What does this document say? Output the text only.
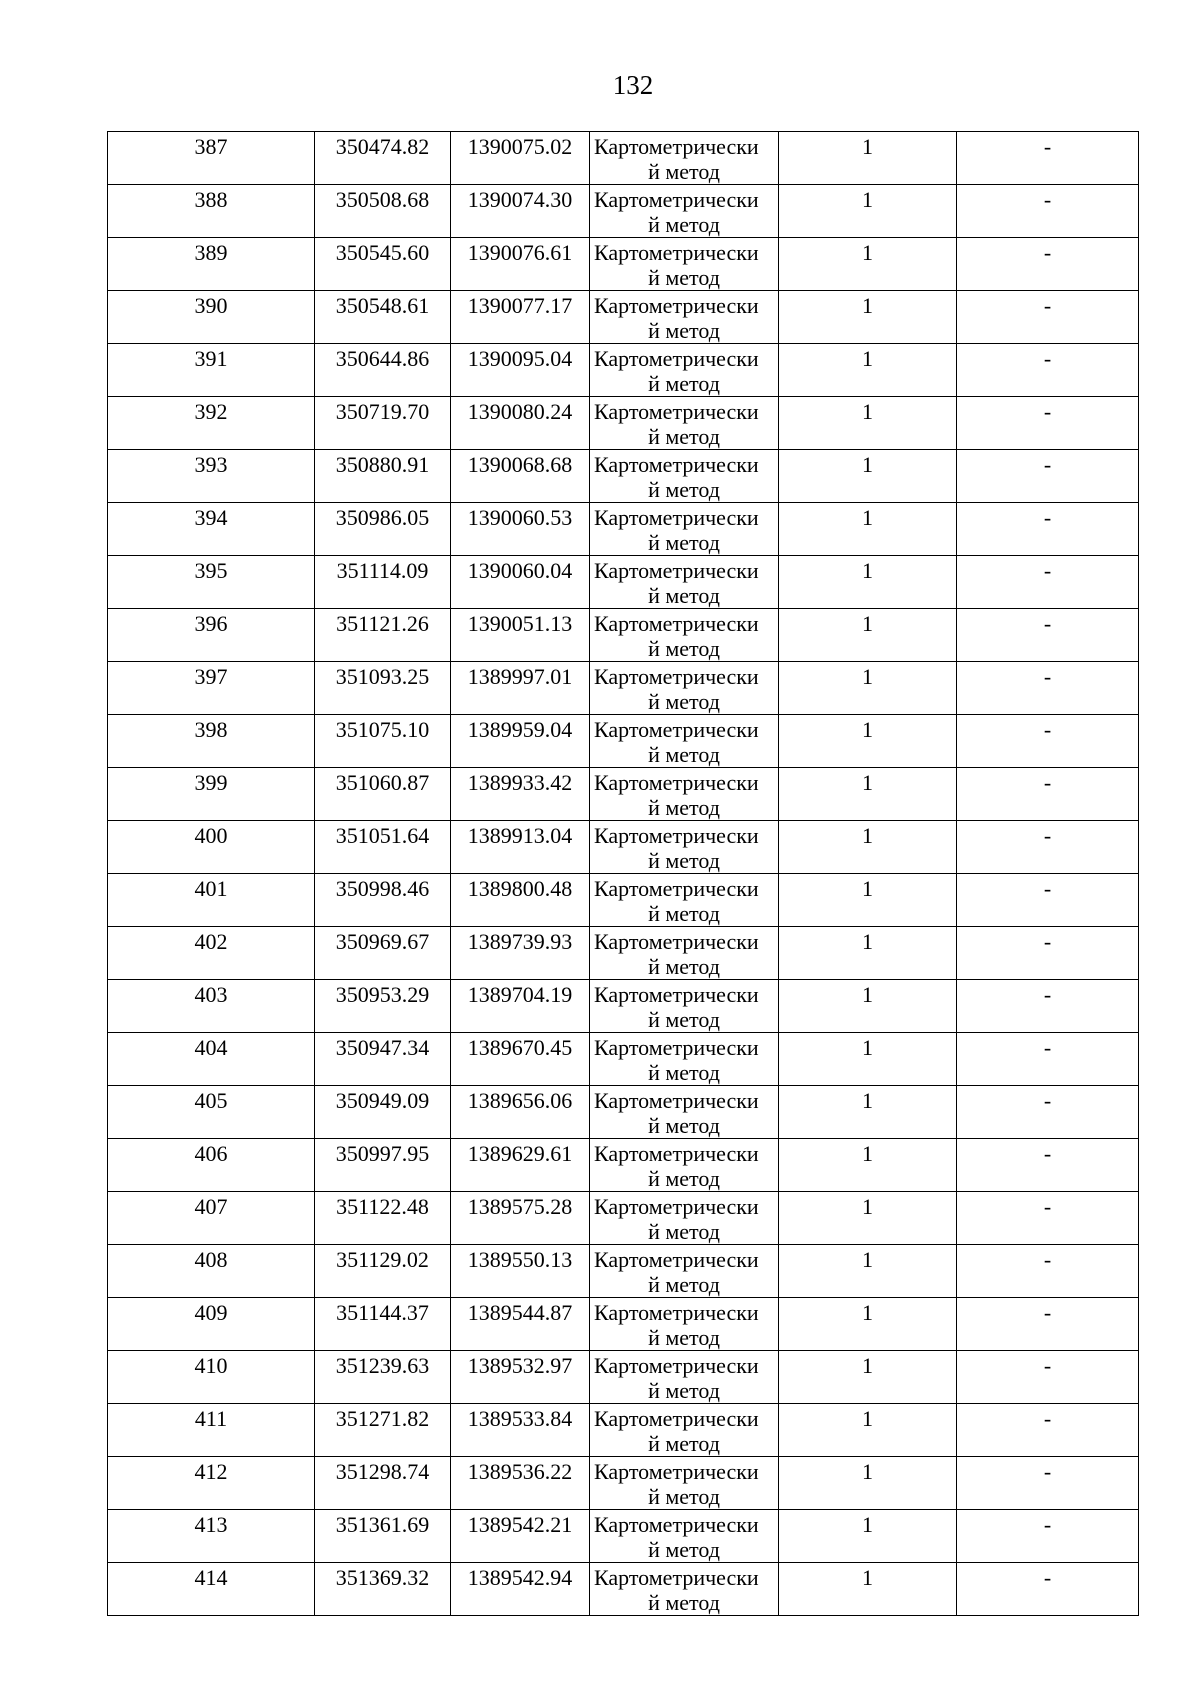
132
387	350474.82	1390075.02	Картометрически
й метод	1	-
388	350508.68	1390074.30	Картометрически
й метод	1	-
389	350545.60	1390076.61	Картометрически
й метод	1	-
390	350548.61	1390077.17	Картометрически
й метод	1	-
391	350644.86	1390095.04	Картометрически
й метод	1	-
392	350719.70	1390080.24	Картометрически
й метод	1	-
393	350880.91	1390068.68	Картометрически
й метод	1	-
394	350986.05	1390060.53	Картометрически
й метод	1	-
395	351114.09	1390060.04	Картометрически
й метод	1	-
396	351121.26	1390051.13	Картометрически
й метод	1	-
397	351093.25	1389997.01	Картометрически
й метод	1	-
398	351075.10	1389959.04	Картометрически
й метод	1	-
399	351060.87	1389933.42	Картометрически
й метод	1	-
400	351051.64	1389913.04	Картометрически
й метод	1	-
401	350998.46	1389800.48	Картометрически
й метод	1	-
402	350969.67	1389739.93	Картометрически
й метод	1	-
403	350953.29	1389704.19	Картометрически
й метод	1	-
404	350947.34	1389670.45	Картометрически
й метод	1	-
405	350949.09	1389656.06	Картометрически
й метод	1	-
406	350997.95	1389629.61	Картометрически
й метод	1	-
407	351122.48	1389575.28	Картометрически
й метод	1	-
408	351129.02	1389550.13	Картометрически
й метод	1	-
409	351144.37	1389544.87	Картометрически
й метод	1	-
410	351239.63	1389532.97	Картометрически
й метод	1	-
411	351271.82	1389533.84	Картометрически
й метод	1	-
412	351298.74	1389536.22	Картометрически
й метод	1	-
413	351361.69	1389542.21	Картометрически
й метод	1	-
414	351369.32	1389542.94	Картометрически
й метод	1	-
